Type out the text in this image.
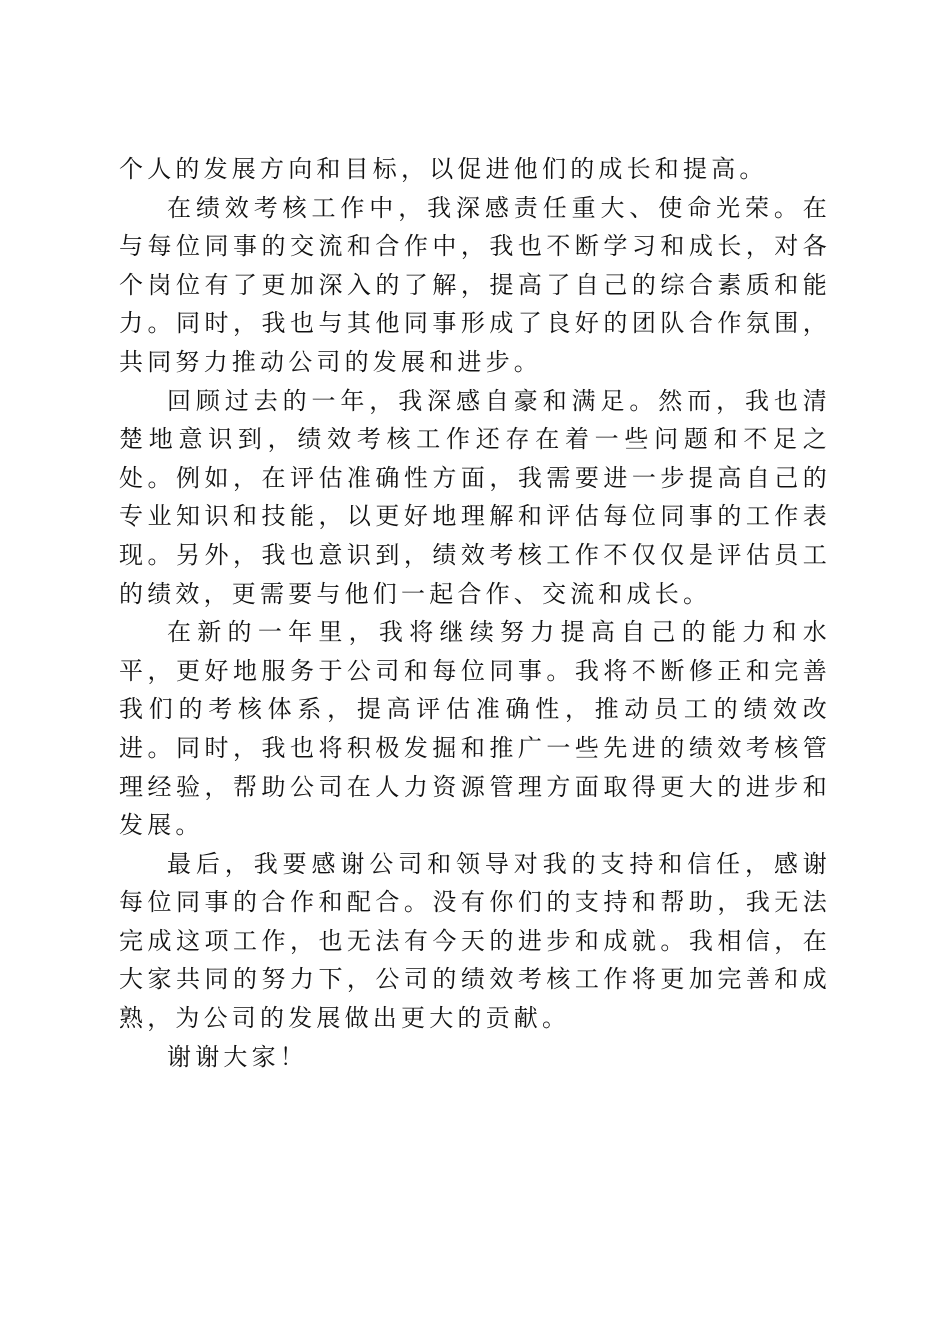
个人的发展方向和目标，以促进他们的成长和提高。

在绩效考核工作中，我深感责任重大、使命光荣。在与每位同事的交流和合作中，我也不断学习和成长，对各个岗位有了更加深入的了解，提高了自己的综合素质和能力。同时，我也与其他同事形成了良好的团队合作氛围，共同努力推动公司的发展和进步。

回顾过去的一年，我深感自豪和满足。然而，我也清楚地意识到，绩效考核工作还存在着一些问题和不足之处。例如，在评估准确性方面，我需要进一步提高自己的专业知识和技能，以更好地理解和评估每位同事的工作表现。另外，我也意识到，绩效考核工作不仅仅是评估员工的绩效，更需要与他们一起合作、交流和成长。

在新的一年里，我将继续努力提高自己的能力和水平，更好地服务于公司和每位同事。我将不断修正和完善我们的考核体系，提高评估准确性，推动员工的绩效改进。同时，我也将积极发掘和推广一些先进的绩效考核管理经验，帮助公司在人力资源管理方面取得更大的进步和发展。

最后，我要感谢公司和领导对我的支持和信任，感谢每位同事的合作和配合。没有你们的支持和帮助，我无法完成这项工作，也无法有今天的进步和成就。我相信，在大家共同的努力下，公司的绩效考核工作将更加完善和成熟，为公司的发展做出更大的贡献。

谢谢大家！
